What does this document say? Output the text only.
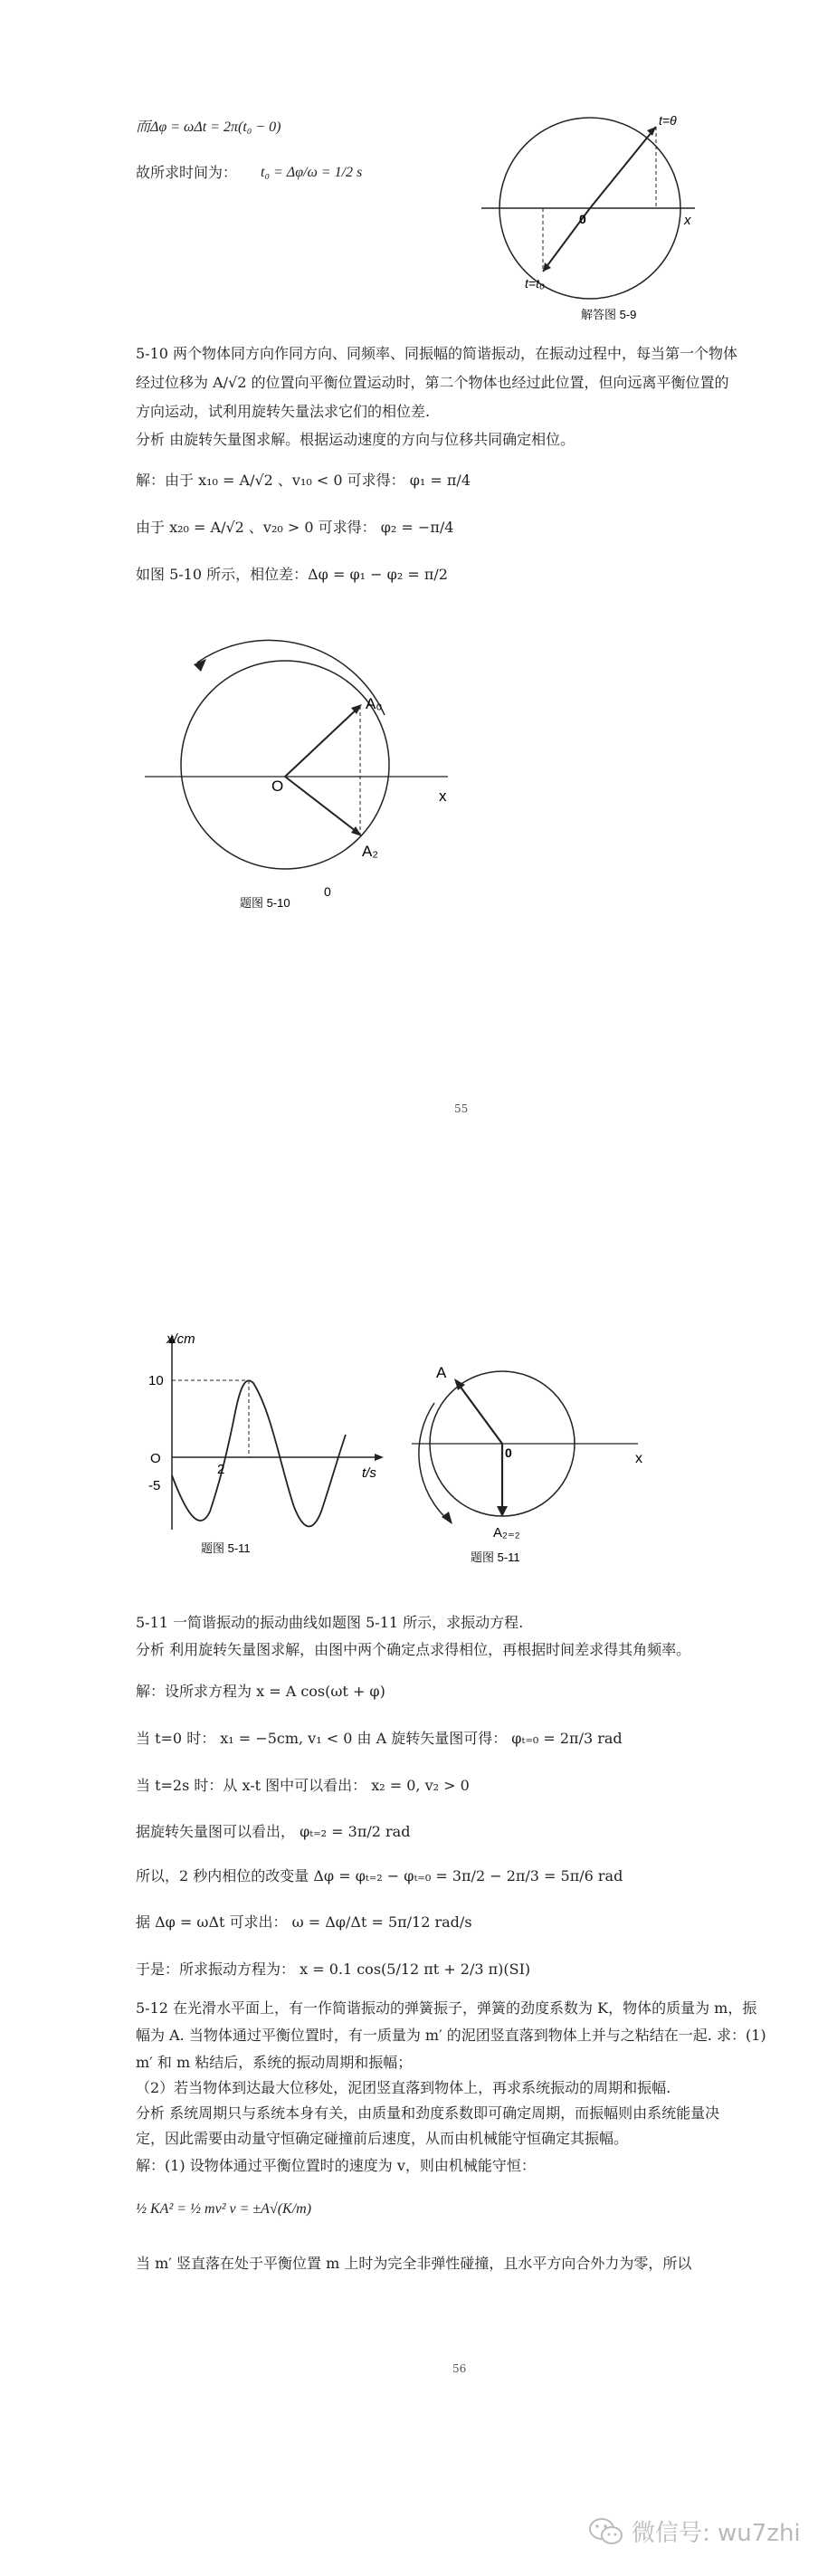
而Δφ = ωΔt = 2π(t₀ − 0)
故所求时间为： t₀ = Δφ/ω = 1/2 s
t=θ
t=t₀
0	x
解答图 5-9
5-10 两个物体同方向作同方向、同频率、同振幅的简谐振动，在振动过程中，每当第一个物体
经过位移为 A/√2 的位置向平衡位置运动时，第二个物体也经过此位置，但向远离平衡位置的
方向运动，试利用旋转矢量法求它们的相位差.
分析 由旋转矢量图求解。根据运动速度的方向与位移共同确定相位。
解：由于 x₁₀ = A/√2 、v₁₀ < 0 可求得： φ₁ = π/4
由于 x₂₀ = A/√2 、v₂₀ > 0 可求得： φ₂ = −π/4
如图 5-10 所示，相位差：Δφ = φ₁ − φ₂ = π/2
A₀
A₂
O
x
0
题图 5-10
55
x/cm
t/s
10
O
-5
2
题图 5-11
A
A₂₌₂
0	x
题图 5-11
5-11 一简谐振动的振动曲线如题图 5-11 所示，求振动方程.
分析 利用旋转矢量图求解，由图中两个确定点求得相位，再根据时间差求得其角频率。
解：设所求方程为 x = A cos(ωt + φ)
当 t=0 时： x₁ = −5cm, v₁ < 0 由 A 旋转矢量图可得： φₜ₌₀ = 2π/3 rad
当 t=2s 时：从 x-t 图中可以看出： x₂ = 0, v₂ > 0
据旋转矢量图可以看出， φₜ₌₂ = 3π/2 rad
所以，2 秒内相位的改变量 Δφ = φₜ₌₂ − φₜ₌₀ = 3π/2 − 2π/3 = 5π/6 rad
据 Δφ = ωΔt 可求出： ω = Δφ/Δt = 5π/12 rad/s
于是：所求振动方程为： x = 0.1 cos(5/12 πt + 2/3 π)(SI)
5-12 在光滑水平面上，有一作简谐振动的弹簧振子，弹簧的劲度系数为 K，物体的质量为 m，振
幅为 A. 当物体通过平衡位置时，有一质量为 m′ 的泥团竖直落到物体上并与之粘结在一起. 求：(1)
m′ 和 m 粘结后，系统的振动周期和振幅；
（2）若当物体到达最大位移处，泥团竖直落到物体上，再求系统振动的周期和振幅.
分析 系统周期只与系统本身有关，由质量和劲度系数即可确定周期，而振幅则由系统能量决
定，因此需要由动量守恒确定碰撞前后速度，从而由机械能守恒确定其振幅。
解：(1) 设物体通过平衡位置时的速度为 v，则由机械能守恒：
½ KA² = ½ mv² v = ±A√(K/m)
当 m′ 竖直落在处于平衡位置 m 上时为完全非弹性碰撞，且水平方向合外力为零，所以
56
微信号: wu7zhi
